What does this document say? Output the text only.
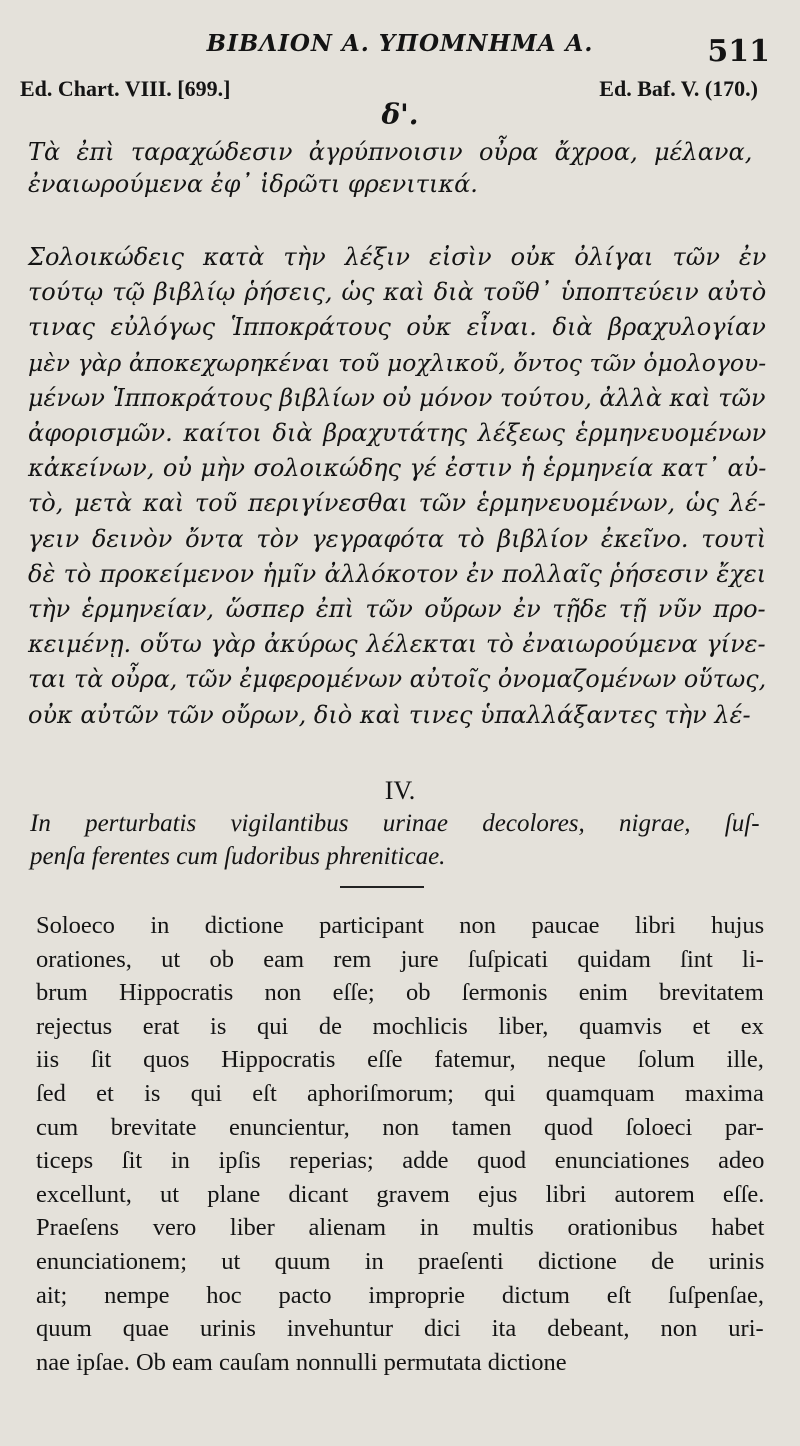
ΒΙΒΛΙΟΝ Α. ΥΠΟΜΝΗΜΑ Α.	511
Ed. Chart. VIII. [699.]	Ed. Baf. V. (170.)
δ'.
Τὰ ἐπὶ ταραχώδεσιν ἀγρύπνοισιν οὖρα ἄχροα, μέλανα,
ἐναιωρούμενα ἐφ᾽ ἱδρῶτι φρενιτικά.
Σολοικώδεις κατὰ τὴν λέξιν εἰσὶν οὐκ ὀλίγαι τῶν ἐν
τούτῳ τῷ βιβλίῳ ῥήσεις, ὡς καὶ διὰ τοῦθ᾽ ὑποπτεύειν αὐτὸ
τινας εὐλόγως Ἱπποκράτους οὐκ εἶναι. διὰ βραχυλογίαν
μὲν γὰρ ἀποκεχωρηκέναι τοῦ μοχλικοῦ, ὄντος τῶν ὁμολογου-
μένων Ἱπποκράτους βιβλίων οὐ μόνον τούτου, ἀλλὰ καὶ τῶν
ἀφορισμῶν. καίτοι διὰ βραχυτάτης λέξεως ἑρμηνευομένων
κἀκείνων, οὐ μὴν σολοικώδης γέ ἐστιν ἡ ἑρμηνεία κατ᾽ αὐ-
τὸ, μετὰ καὶ τοῦ περιγίνεσθαι τῶν ἑρμηνευομένων, ὡς λέ-
γειν δεινὸν ὄντα τὸν γεγραφότα τὸ βιβλίον ἐκεῖνο. τουτὶ
δὲ τὸ προκείμενον ἡμῖν ἀλλόκοτον ἐν πολλαῖς ῥήσεσιν ἔχει
τὴν ἑρμηνείαν, ὥσπερ ἐπὶ τῶν οὔρων ἐν τῇδε τῇ νῦν προ-
κειμένῃ. οὕτω γὰρ ἀκύρως λέλεκται τὸ ἐναιωρούμενα γίνε-
ται τὰ οὖρα, τῶν ἐμφερομένων αὐτοῖς ὀνομαζομένων οὕτως,
οὐκ αὐτῶν τῶν οὔρων, διὸ καὶ τινες ὑπαλλάξαντες τὴν λέ-
IV.
In perturbatis vigilantibus urinae decolores, nigrae, ſuſ-
penſa ferentes cum ſudoribus phreniticae.
Soloeco in dictione participant non paucae libri hujus
orationes, ut ob eam rem jure ſuſpicati quidam ſint li-
brum Hippocratis non eſſe; ob ſermonis enim brevitatem
rejectus erat is qui de mochlicis liber, quamvis et ex
iis ſit quos Hippocratis eſſe fatemur, neque ſolum ille,
ſed et is qui eſt aphoriſmorum; qui quamquam maxima
cum brevitate enuncientur, non tamen quod ſoloeci par-
ticeps ſit in ipſis reperias; adde quod enunciationes adeo
excellunt, ut plane dicant gravem ejus libri autorem eſſe.
Praeſens vero liber alienam in multis orationibus habet
enunciationem; ut quum in praeſenti dictione de urinis
ait; nempe hoc pacto improprie dictum eſt ſuſpenſae,
quum quae urinis invehuntur dici ita debeant, non uri-
nae ipſae. Ob eam cauſam nonnulli permutata dictione
